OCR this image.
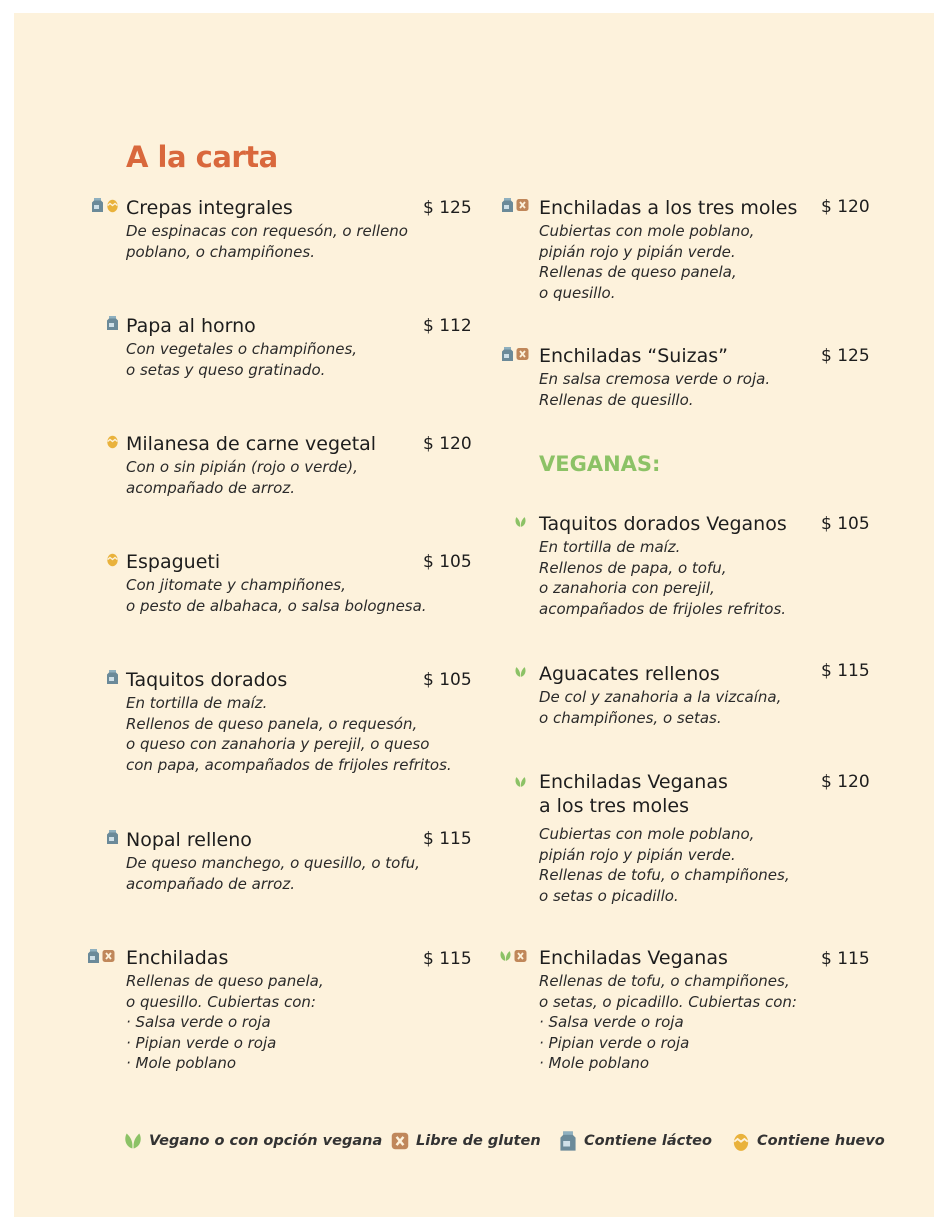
A la carta
VEGANAS:
Crepas integrales
De espinacas con requesón, o relleno
poblano, o champiñones.
$ 125
Papa al horno
Con vegetales o champiñones,
o setas y queso gratinado.
$ 112
Milanesa de carne vegetal
Con o sin pipián (rojo o verde),
acompañado de arroz.
$ 120
Espagueti
Con jitomate y champiñones,
o pesto de albahaca, o salsa bolognesa.
$ 105
Taquitos dorados
En tortilla de maíz.
Rellenos de queso panela, o requesón,
o queso con zanahoria y perejil, o queso
con papa, acompañados de frijoles refritos.
$ 105
Nopal relleno
De queso manchego, o quesillo, o tofu,
acompañado de arroz.
$ 115
Enchiladas
Rellenas de queso panela,
o quesillo. Cubiertas con:
· Salsa verde o roja
· Pipian verde o roja
· Mole poblano
$ 115
Enchiladas a los tres moles
Cubiertas con mole poblano,
pipián rojo y pipián verde.
Rellenas de queso panela,
o quesillo.
$ 120
Enchiladas “Suizas”
En salsa cremosa verde o roja.
Rellenas de quesillo.
$ 125
Taquitos dorados Veganos
En tortilla de maíz.
Rellenos de papa, o tofu,
o zanahoria con perejil,
acompañados de frijoles refritos.
$ 105
Aguacates rellenos
De col y zanahoria a la vizcaína,
o champiñones, o setas.
$ 115
Enchiladas Veganas
a los tres moles
Cubiertas con mole poblano,
pipián rojo y pipián verde.
Rellenas de tofu, o champiñones,
o setas o picadillo.
$ 120
Enchiladas Veganas
Rellenas de tofu, o champiñones,
o setas, o picadillo. Cubiertas con:
· Salsa verde o roja
· Pipian verde o roja
· Mole poblano
$ 115
Vegano o con opción vegana Libre de gluten	Contiene lácteo	Contiene huevo
